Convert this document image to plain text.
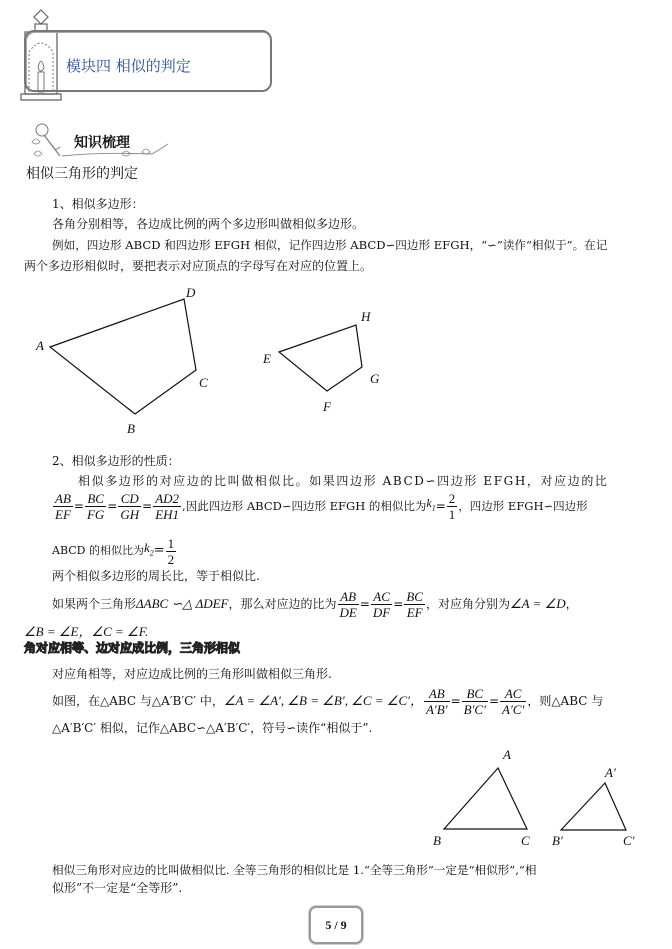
模块四 相似的判定
知识梳理
相似三角形的判定
1、相似多边形：
各角分别相等，各边成比例的两个多边形叫做相似多边形。
例如，四边形 ABCD 和四边形 EFGH 相似，记作四边形 ABCD∽四边形 EFGH，“∽”读作“相似于”。在记
两个多边形相似时，要把表示对应顶点的字母写在对应的位置上。
A
B
C
D
E
F
G
H
2、相似多边形的性质：
相似多边形的对应边的比叫做相似比。如果四边形 ABCD∽四边形 EFGH，对应边的比
$\frac{AB}{EF} = \frac{BC}{FG} = \frac{CD}{GH} = \frac{AD2}{EH1}$ ,因此四边形 ABCD∽四边形 EFGH 的相似比为 $k_1 = \frac{2}{1}$ ，四边形 EFGH∽四边形
ABCD 的相似比为 $k_2 = \frac{1}{2}$
两个相似多边形的周长比，等于相似比.
如果两个三角形 ΔABC ∽△ ΔDEF ，那么对应边的比为 $\frac{AB}{DE} = \frac{AC}{DF} = \frac{BC}{EF}$ ，对应角分别为 ∠A = ∠D ，
∠B = ∠E，∠C = ∠F.
角对应相等、边对应成比例，三角形相似
对应角相等，对应边成比例的三角形叫做相似三角形.
如图，在△ABC 与△A′B′C′ 中， ∠A = ∠A′, ∠B = ∠B′, ∠C = ∠C′， $\frac{AB}{A'B'} = \frac{BC}{B'C'} = \frac{AC}{A'C'}$ ，则△ABC 与
△A′B′C′ 相似，记作△ABC∽△A′B′C′，符号∽读作“相似于”.
A
B	C
A′
B′	C′
相似三角形对应边的比叫做相似比. 全等三角形的相似比是 1.“全等三角形”一定是“相似形”,“相
似形”不一定是“全等形”.
5 / 9
